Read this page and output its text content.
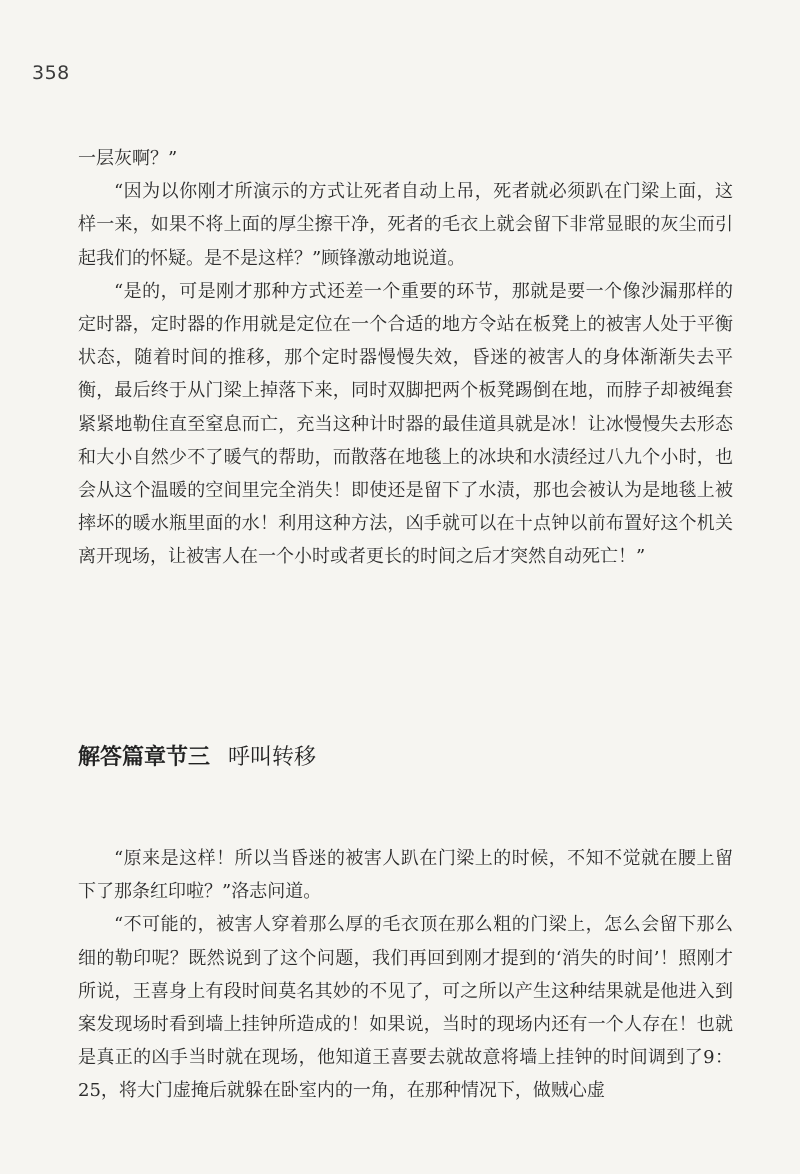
358

一层灰啊？”

“因为以你刚才所演示的方式让死者自动上吊，死者就必须趴在门梁上面，这样一来，如果不将上面的厚尘擦干净，死者的毛衣上就会留下非常显眼的灰尘而引起我们的怀疑。是不是这样？”顾锋激动地说道。

“是的，可是刚才那种方式还差一个重要的环节，那就是要一个像沙漏那样的定时器，定时器的作用就是定位在一个合适的地方令站在板凳上的被害人处于平衡状态，随着时间的推移，那个定时器慢慢失效，昏迷的被害人的身体渐渐失去平衡，最后终于从门梁上掉落下来，同时双脚把两个板凳踢倒在地，而脖子却被绳套紧紧地勒住直至窒息而亡，充当这种计时器的最佳道具就是冰！让冰慢慢失去形态和大小自然少不了暖气的帮助，而散落在地毯上的冰块和水渍经过八九个小时，也会从这个温暖的空间里完全消失！即使还是留下了水渍，那也会被认为是地毯上被摔坏的暖水瓶里面的水！利用这种方法，凶手就可以在十点钟以前布置好这个机关离开现场，让被害人在一个小时或者更长的时间之后才突然自动死亡！”

解答篇章节三 呼叫转移

“原来是这样！所以当昏迷的被害人趴在门梁上的时候，不知不觉就在腰上留下了那条红印啦？”洛志问道。

“不可能的，被害人穿着那么厚的毛衣顶在那么粗的门梁上，怎么会留下那么细的勒印呢？既然说到了这个问题，我们再回到刚才提到的‘消失的时间’！照刚才所说，王喜身上有段时间莫名其妙的不见了，可之所以产生这种结果就是他进入到案发现场时看到墙上挂钟所造成的！如果说，当时的现场内还有一个人存在！也就是真正的凶手当时就在现场，他知道王喜要去就故意将墙上挂钟的时间调到了9：25，将大门虚掩后就躲在卧室内的一角，在那种情况下，做贼心虚
